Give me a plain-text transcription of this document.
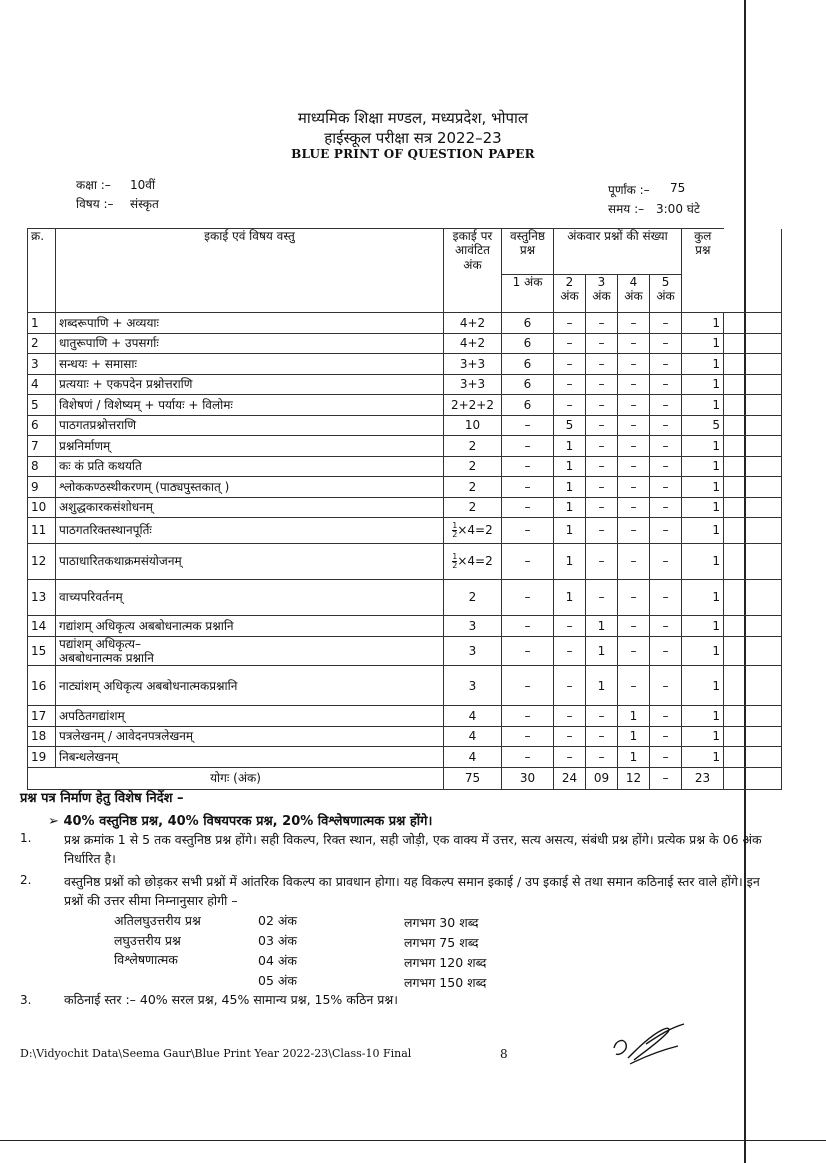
माध्यमिक शिक्षा मण्डल, मध्यप्रदेश, भोपाल
हाईस्कूल परीक्षा सत्र 2022–23
BLUE PRINT OF QUESTION PAPER
कक्षा :– 10वीं
विषय :– संस्कृत
पूर्णांक :– 75
समय :– 3:00 घंटे
क्र.	इकाई एवं विषय वस्तु	इकाई पर आवंटित अंक	वस्तुनिष्ठ प्रश्न	अंकवार प्रश्नों की संख्या				कुल प्रश्न	
			1 अंक	2 अंक	3 अंक	4 अंक	5 अंक		
1	शब्दरूपाणि + अव्ययाः	4+2	6	–	–	–	–	1	
2	धातुरूपाणि + उपसर्गाः	4+2	6	–	–	–	–	1	
3	सन्धयः + समासाः	3+3	6	–	–	–	–	1	
4	प्रत्ययाः + एकपदेन प्रश्नोत्तराणि	3+3	6	–	–	–	–	1	
5	विशेषणं / विशेष्यम् + पर्यायः + विलोमः	2+2+2	6	–	–	–	–	1	
6	पाठगतप्रश्नोत्तराणि	10	–	5	–	–	–	5	
7	प्रश्ननिर्माणम्	2	–	1	–	–	–	1	
8	कः कं प्रति कथयति	2	–	1	–	–	–	1	
9	श्लोककण्ठस्थीकरणम् (पाठ्यपुस्तकात् )	2	–	1	–	–	–	1	
10	अशुद्धकारकसंशोधनम्	2	–	1	–	–	–	1	
11	पाठगतरिक्तस्थानपूर्तिः	$\frac{1}{2} \times 4=2$	–	1	–	–	–	1	
12	पाठाधारितकथाक्रमसंयोजनम्	$\frac{1}{2} \times 4=2$	–	1	–	–	–	1	
13	वाच्यपरिवर्तनम्	2	–	1	–	–	–	1	
14	गद्यांशम् अधिकृत्य अबबोधनात्मक प्रश्नानि	3	–	–	1	–	–	1	
15	पद्यांशम् अधिकृत्य–
अबबोधनात्मक प्रश्नानि	3	–	–	1	–	–	1	
16	नाट्यांशम् अधिकृत्य अबबोधनात्मकप्रश्नानि	3	–	–	1	–	–	1	
17	अपठितगद्यांशम्	4	–	–	–	1	–	1	
18	पत्रलेखनम् / आवेदनपत्रलेखनम्	4	–	–	–	1	–	1	
19	निबन्धलेखनम्	4	–	–	–	1	–	1	
योगः (अंक)		75	30	24	09	12	–	23	
प्रश्न पत्र निर्माण हेतु विशेष निर्देश –
➢ 40% वस्तुनिष्ठ प्रश्न, 40% विषयपरक प्रश्न, 20% विश्लेषणात्मक प्रश्न होंगे।
1.	प्रश्न क्रमांक 1 से 5 तक वस्तुनिष्ठ प्रश्न होंगे। सही विकल्प, रिक्त स्थान, सही जोड़ी, एक वाक्य में उत्तर, सत्य असत्य, संबंधी प्रश्न होंगे। प्रत्येक प्रश्न के 06 अंक निर्धारित है।
2.	वस्तुनिष्ठ प्रश्नों को छोड़कर सभी प्रश्नों में आंतरिक विकल्प का प्रावधान होगा। यह विकल्प समान इकाई / उप इकाई से तथा समान कठिनाई स्तर वाले होंगे। इन प्रश्नों की उत्तर सीमा निम्नानुसार होगी –
अतिलघुउत्तरीय प्रश्न	02 अंक	लगभग 30 शब्द
लघुउत्तरीय प्रश्न	03 अंक	लगभग 75 शब्द
विश्लेषणात्मक	04 अंक	लगभग 120 शब्द
05 अंक	लगभग 150 शब्द
3.	कठिनाई स्तर :– 40% सरल प्रश्न, 45% सामान्य प्रश्न, 15% कठिन प्रश्न।
D:\Vidyochit Data\Seema Gaur\Blue Print Year 2022-23\Class-10 Final	8
